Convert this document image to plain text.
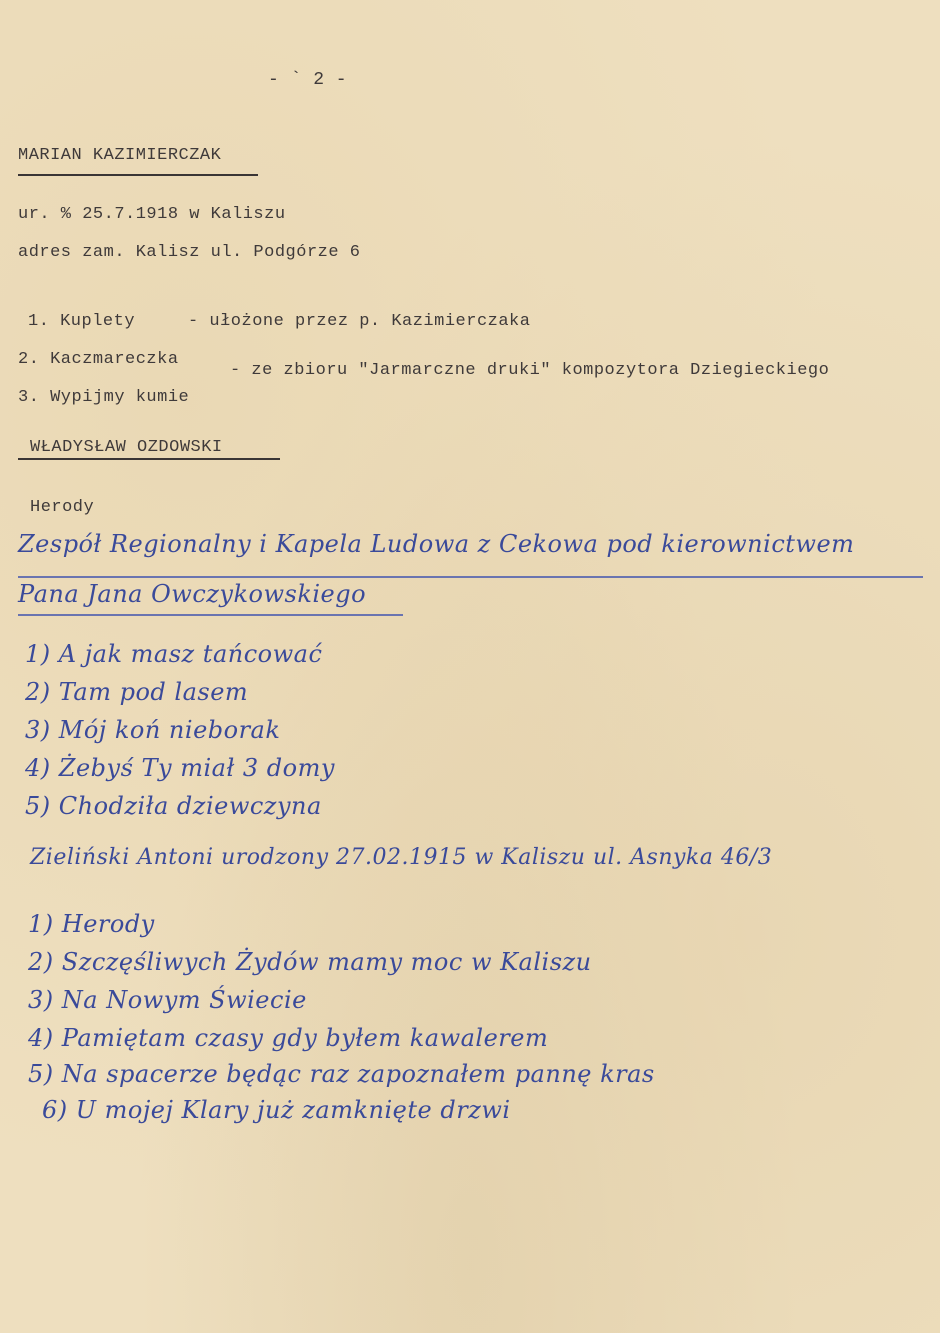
- ` 2 -
MARIAN KAZIMIERCZAK
ur. % 25.7.1918 w Kaliszu
adres zam. Kalisz ul. Podgórze 6
1. Kuplety	- ułożone przez p. Kazimierczaka
2. Kaczmareczka
- ze zbioru "Jarmarczne druki" kompozytora Dziegieckiego
3. Wypijmy kumie
WŁADYSŁAW OZDOWSKI
Herody
Zespół Regionalny i Kapela Ludowa z Cekowa pod kierownictwem
Pana Jana Owczykowskiego
1) A jak masz tańcować
2) Tam pod lasem
3) Mój koń nieborak
4) Żebyś Ty miał 3 domy
5) Chodziła dziewczyna
Zieliński Antoni urodzony 27.02.1915 w Kaliszu ul. Asnyka 46/3
1) Herody
2) Szczęśliwych Żydów mamy moc w Kaliszu
3) Na Nowym Świecie
4) Pamiętam czasy gdy byłem kawalerem
5) Na spacerze będąc raz zapoznałem pannę kras
6) U mojej Klary już zamknięte drzwi
